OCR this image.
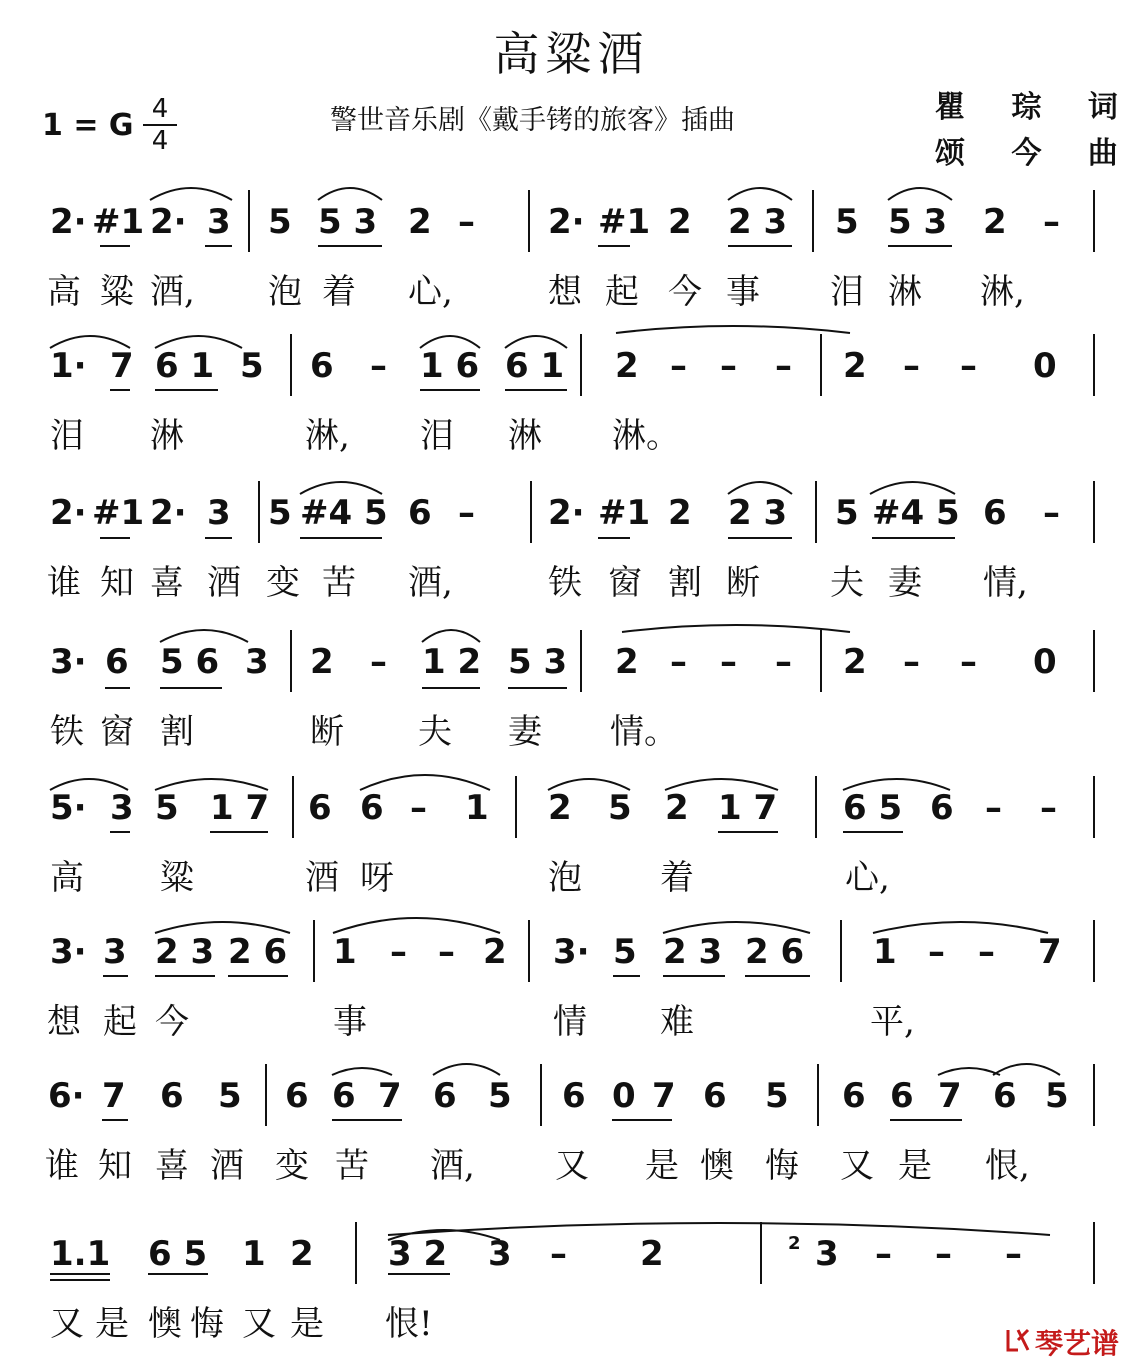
高粱酒
1 = G 4
4
警世音乐剧《戴手铐的旅客》插曲	瞿 琮 词
颂 今 曲
2· #1 2· 3 5 5 3 2 – 2· #1 2 2 3 5 5 3 2 –
高 粱 酒, 泡 着 心,	想 起 今 事 泪 淋 淋,
1· 7 6 1 5 6 – 1 6 6 1 2 – – – 2 – – 0
泪 淋	淋, 泪 淋 淋。
2· #1 2· 3 5 #4 5 6 – 2· #1 2 2 3 5 #4 5 6 –
谁 知 喜 酒 变 苦 酒,	铁 窗 割 断 夫 妻 情,
3· 6 5 6 3 2 – 1 2 5 3 2 – – – 2 – – 0
铁 窗 割	断 夫 妻 情。
5· 3 5 1 7 6 6 – 1 2 5 2 1 7 6 5 6 – –
高 粱	酒 呀	泡 着	心,
3· 3 2 3 2 6 1 – – 2 3· 5 2 3 2 6 1 – – 7
想 起 今	事	情 难	平,
6· 7 6 5 6 6 7 6 5 6 0 7 6 5 6 6 7 6 5
谁 知 喜 酒 变 苦 酒, 又 是 懊 悔 又 是 恨,
1.1 6 5 1 2 3 2 3 – 2	3 – – –
2
又 是 懊 悔 又 是 恨!	琴艺谱
